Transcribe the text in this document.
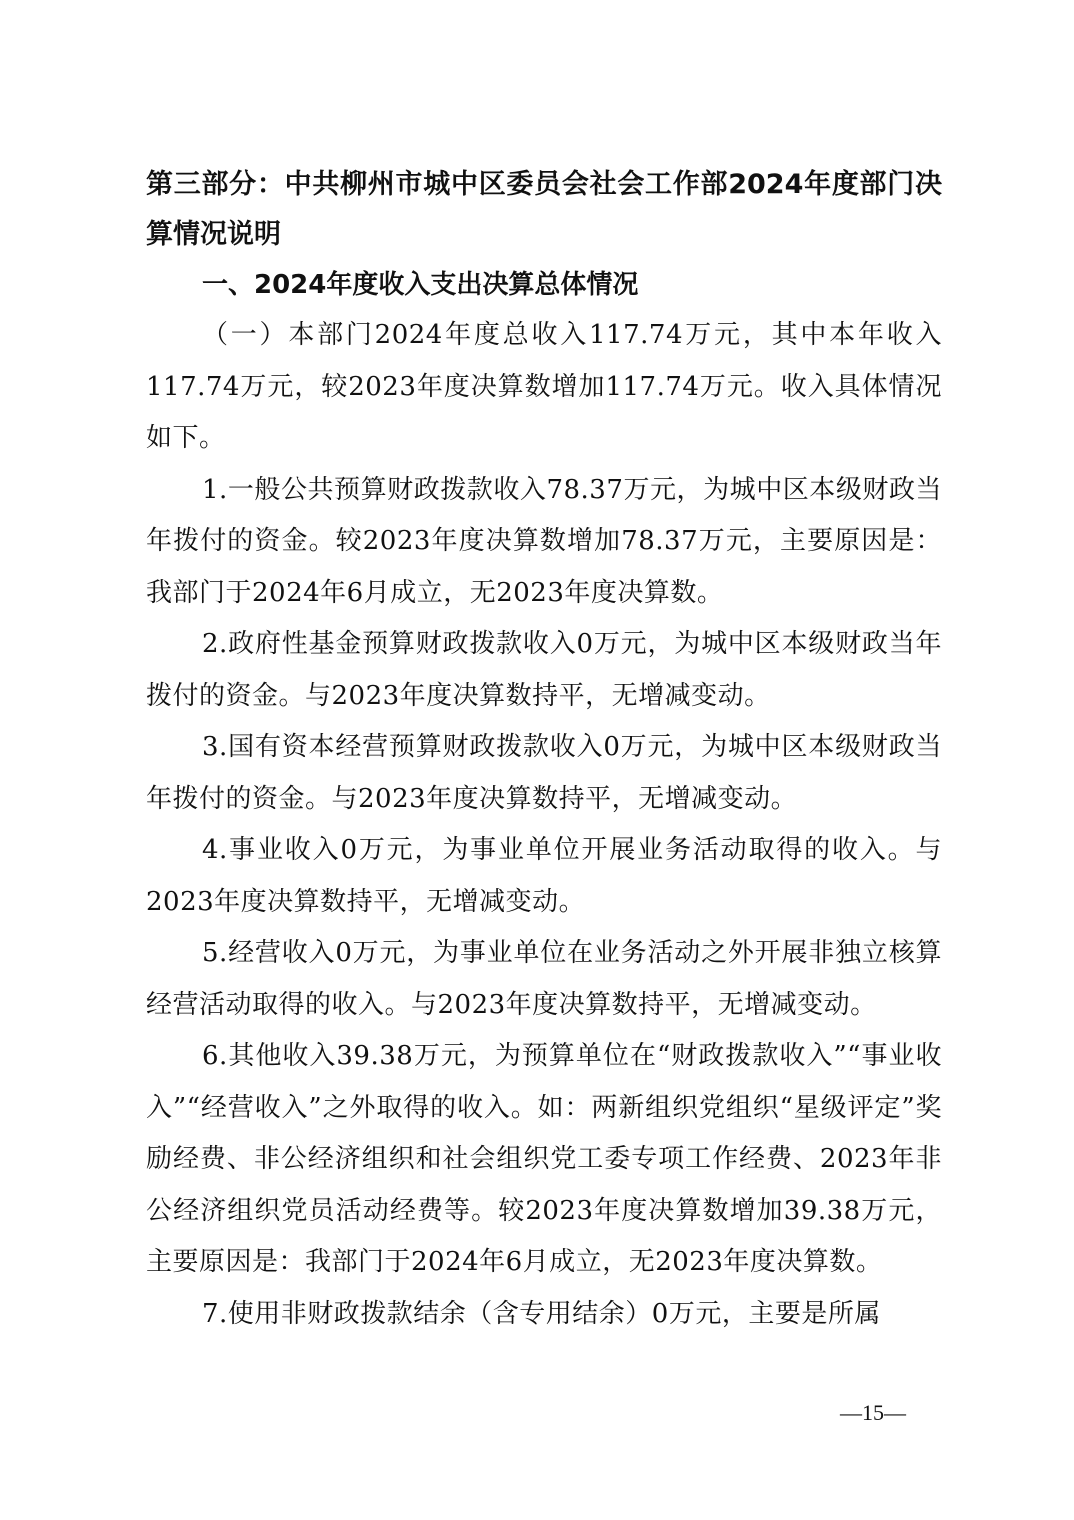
第三部分：中共柳州市城中区委员会社会工作部2024年度部门决算情况说明

一、2024年度收入支出决算总体情况

（一）本部门2024年度总收入117.74万元，其中本年收入117.74万元，较2023年度决算数增加117.74万元。收入具体情况如下。

1.一般公共预算财政拨款收入78.37万元，为城中区本级财政当年拨付的资金。较2023年度决算数增加78.37万元，主要原因是：我部门于2024年6月成立，无2023年度决算数。

2.政府性基金预算财政拨款收入0万元，为城中区本级财政当年拨付的资金。与2023年度决算数持平，无增减变动。

3.国有资本经营预算财政拨款收入0万元，为城中区本级财政当年拨付的资金。与2023年度决算数持平，无增减变动。

4.事业收入0万元，为事业单位开展业务活动取得的收入。与2023年度决算数持平，无增减变动。

5.经营收入0万元，为事业单位在业务活动之外开展非独立核算经营活动取得的收入。与2023年度决算数持平，无增减变动。

6.其他收入39.38万元，为预算单位在“财政拨款收入”“事业收入”“经营收入”之外取得的收入。如：两新组织党组织“星级评定”奖励经费、非公经济组织和社会组织党工委专项工作经费、2023年非公经济组织党员活动经费等。较2023年度决算数增加39.38万元，主要原因是：我部门于2024年6月成立，无2023年度决算数。

7.使用非财政拨款结余（含专用结余）0万元，主要是所属

—15—
